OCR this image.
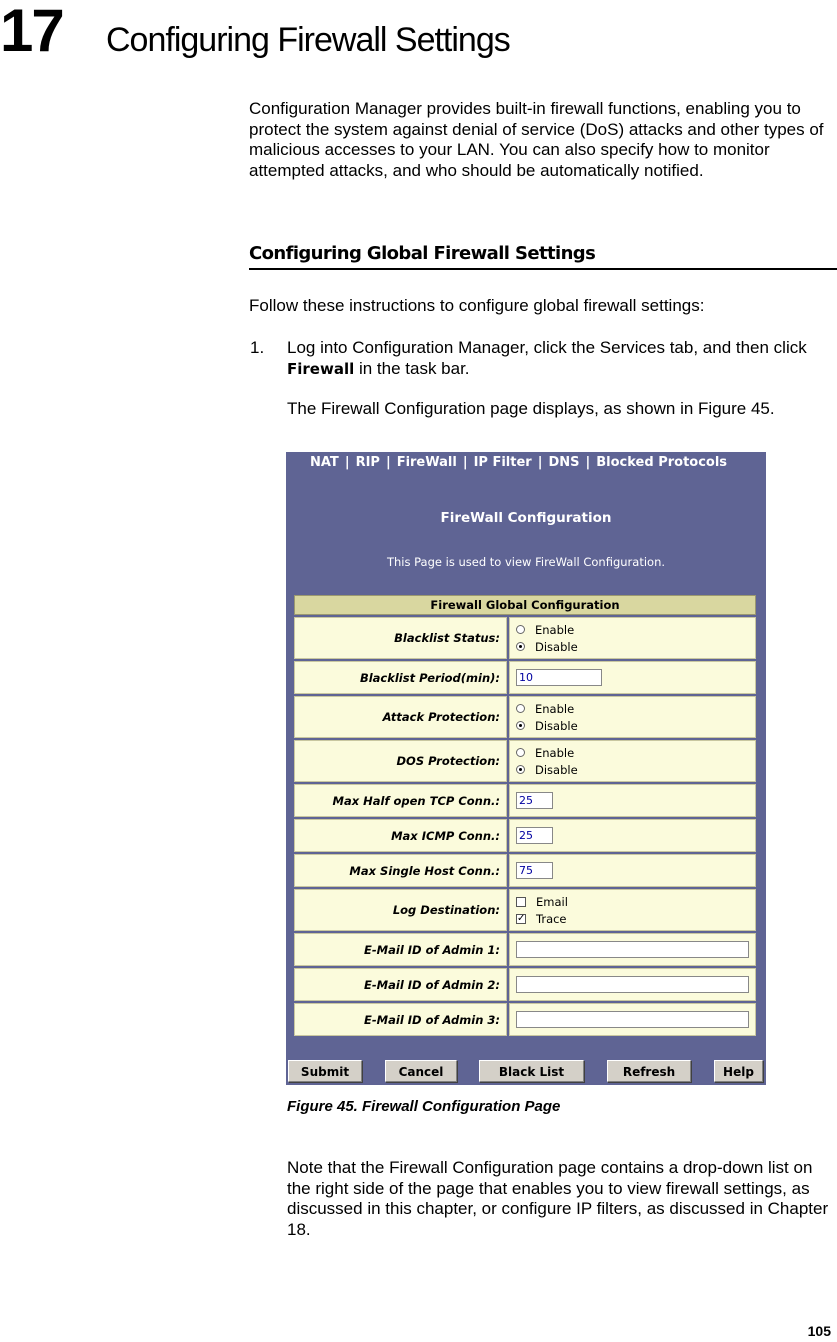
17 Configuring Firewall Settings

Configuration Manager provides built-in firewall functions, enabling you to protect the system against denial of service (DoS) attacks and other types of malicious accesses to your LAN. You can also specify how to monitor attempted attacks, and who should be automatically notified.

Configuring Global Firewall Settings

Follow these instructions to configure global firewall settings:

1. Log into Configuration Manager, click the Services tab, and then click Firewall in the task bar.

The Firewall Configuration page displays, as shown in Figure 45.

NAT | RIP | FireWall | IP Filter | DNS | Blocked Protocols
FireWall Configuration
This Page is used to view FireWall Configuration.
Firewall Global Configuration	
Blacklist Status:	Enable
Disable

Blacklist Period(min):	10

Attack Protection:	Enable
Disable

DOS Protection:	Enable
Disable

Max Half open TCP Conn.:	25

Max ICMP Conn.:	25

Max Single Host Conn.:	75

Log Destination:	Email
✓ Trace

E-Mail ID of Admin 1:	

E-Mail ID of Admin 2:	

E-Mail ID of Admin 3:	
Submit	Cancel	Black List	Refresh	Help
Figure 45. Firewall Configuration Page

Note that the Firewall Configuration page contains a drop-down list on the right side of the page that enables you to view firewall settings, as discussed in this chapter, or configure IP filters, as discussed in Chapter 18.

105
